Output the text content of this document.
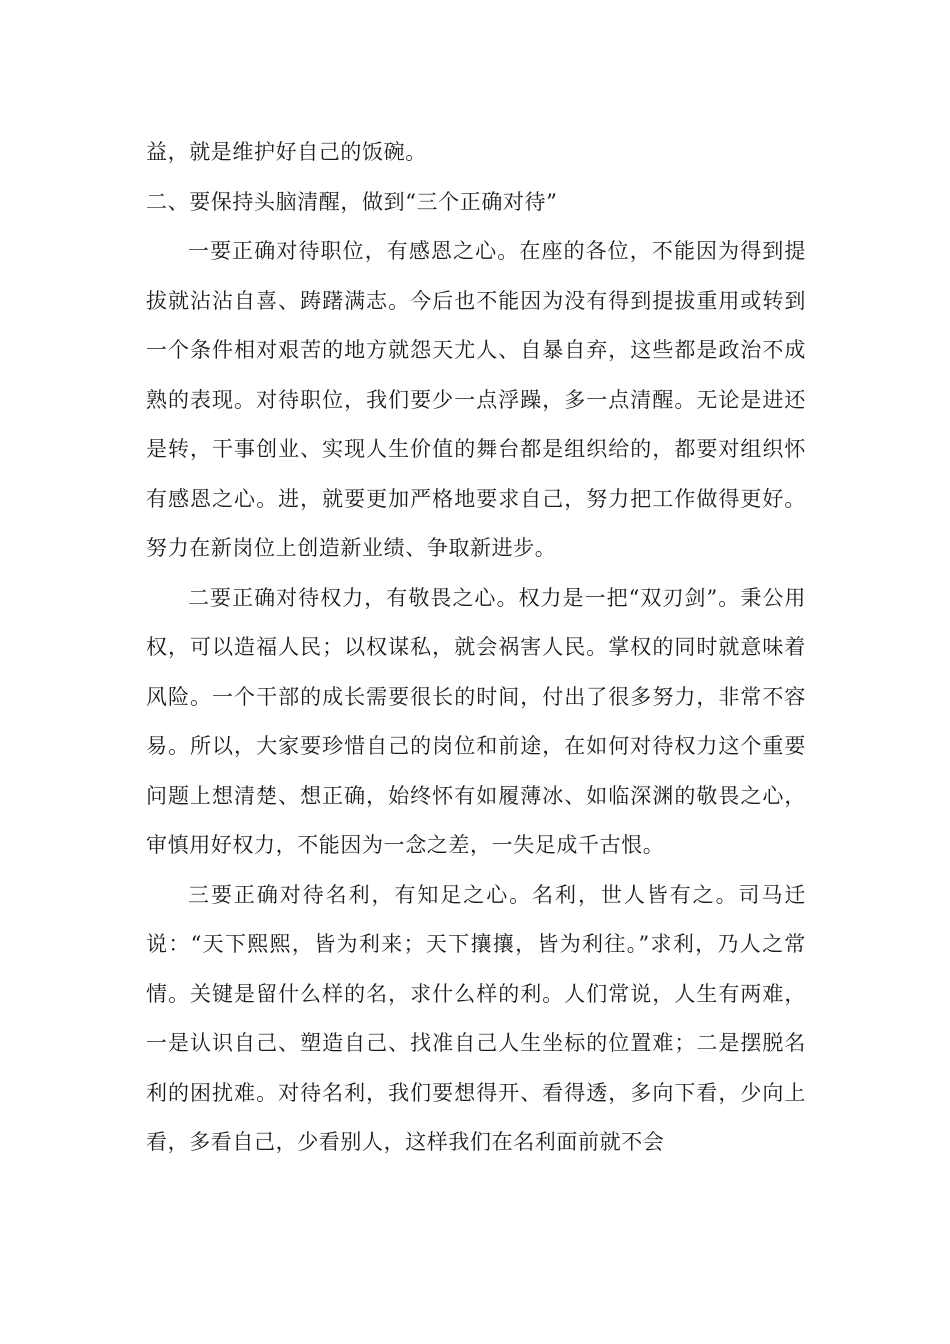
益，就是维护好自己的饭碗。

二、要保持头脑清醒，做到“三个正确对待”

一要正确对待职位，有感恩之心。在座的各位，不能因为得到提拔就沾沾自喜、踌躇满志。今后也不能因为没有得到提拔重用或转到一个条件相对艰苦的地方就怨天尤人、自暴自弃，这些都是政治不成熟的表现。对待职位，我们要少一点浮躁，多一点清醒。无论是进还是转，干事创业、实现人生价值的舞台都是组织给的，都要对组织怀有感恩之心。进，就要更加严格地要求自己，努力把工作做得更好。努力在新岗位上创造新业绩、争取新进步。

二要正确对待权力，有敬畏之心。权力是一把“双刃剑”。秉公用权，可以造福人民；以权谋私，就会祸害人民。掌权的同时就意味着风险。一个干部的成长需要很长的时间，付出了很多努力，非常不容易。所以，大家要珍惜自己的岗位和前途，在如何对待权力这个重要问题上想清楚、想正确，始终怀有如履薄冰、如临深渊的敬畏之心，审慎用好权力，不能因为一念之差，一失足成千古恨。

三要正确对待名利，有知足之心。名利，世人皆有之。司马迁说：“天下熙熙，皆为利来；天下攘攘，皆为利往。”求利，乃人之常情。关键是留什么样的名，求什么样的利。人们常说，人生有两难，一是认识自己、塑造自己、找准自己人生坐标的位置难；二是摆脱名利的困扰难。对待名利，我们要想得开、看得透，多向下看，少向上看，多看自己，少看别人，这样我们在名利面前就不会
